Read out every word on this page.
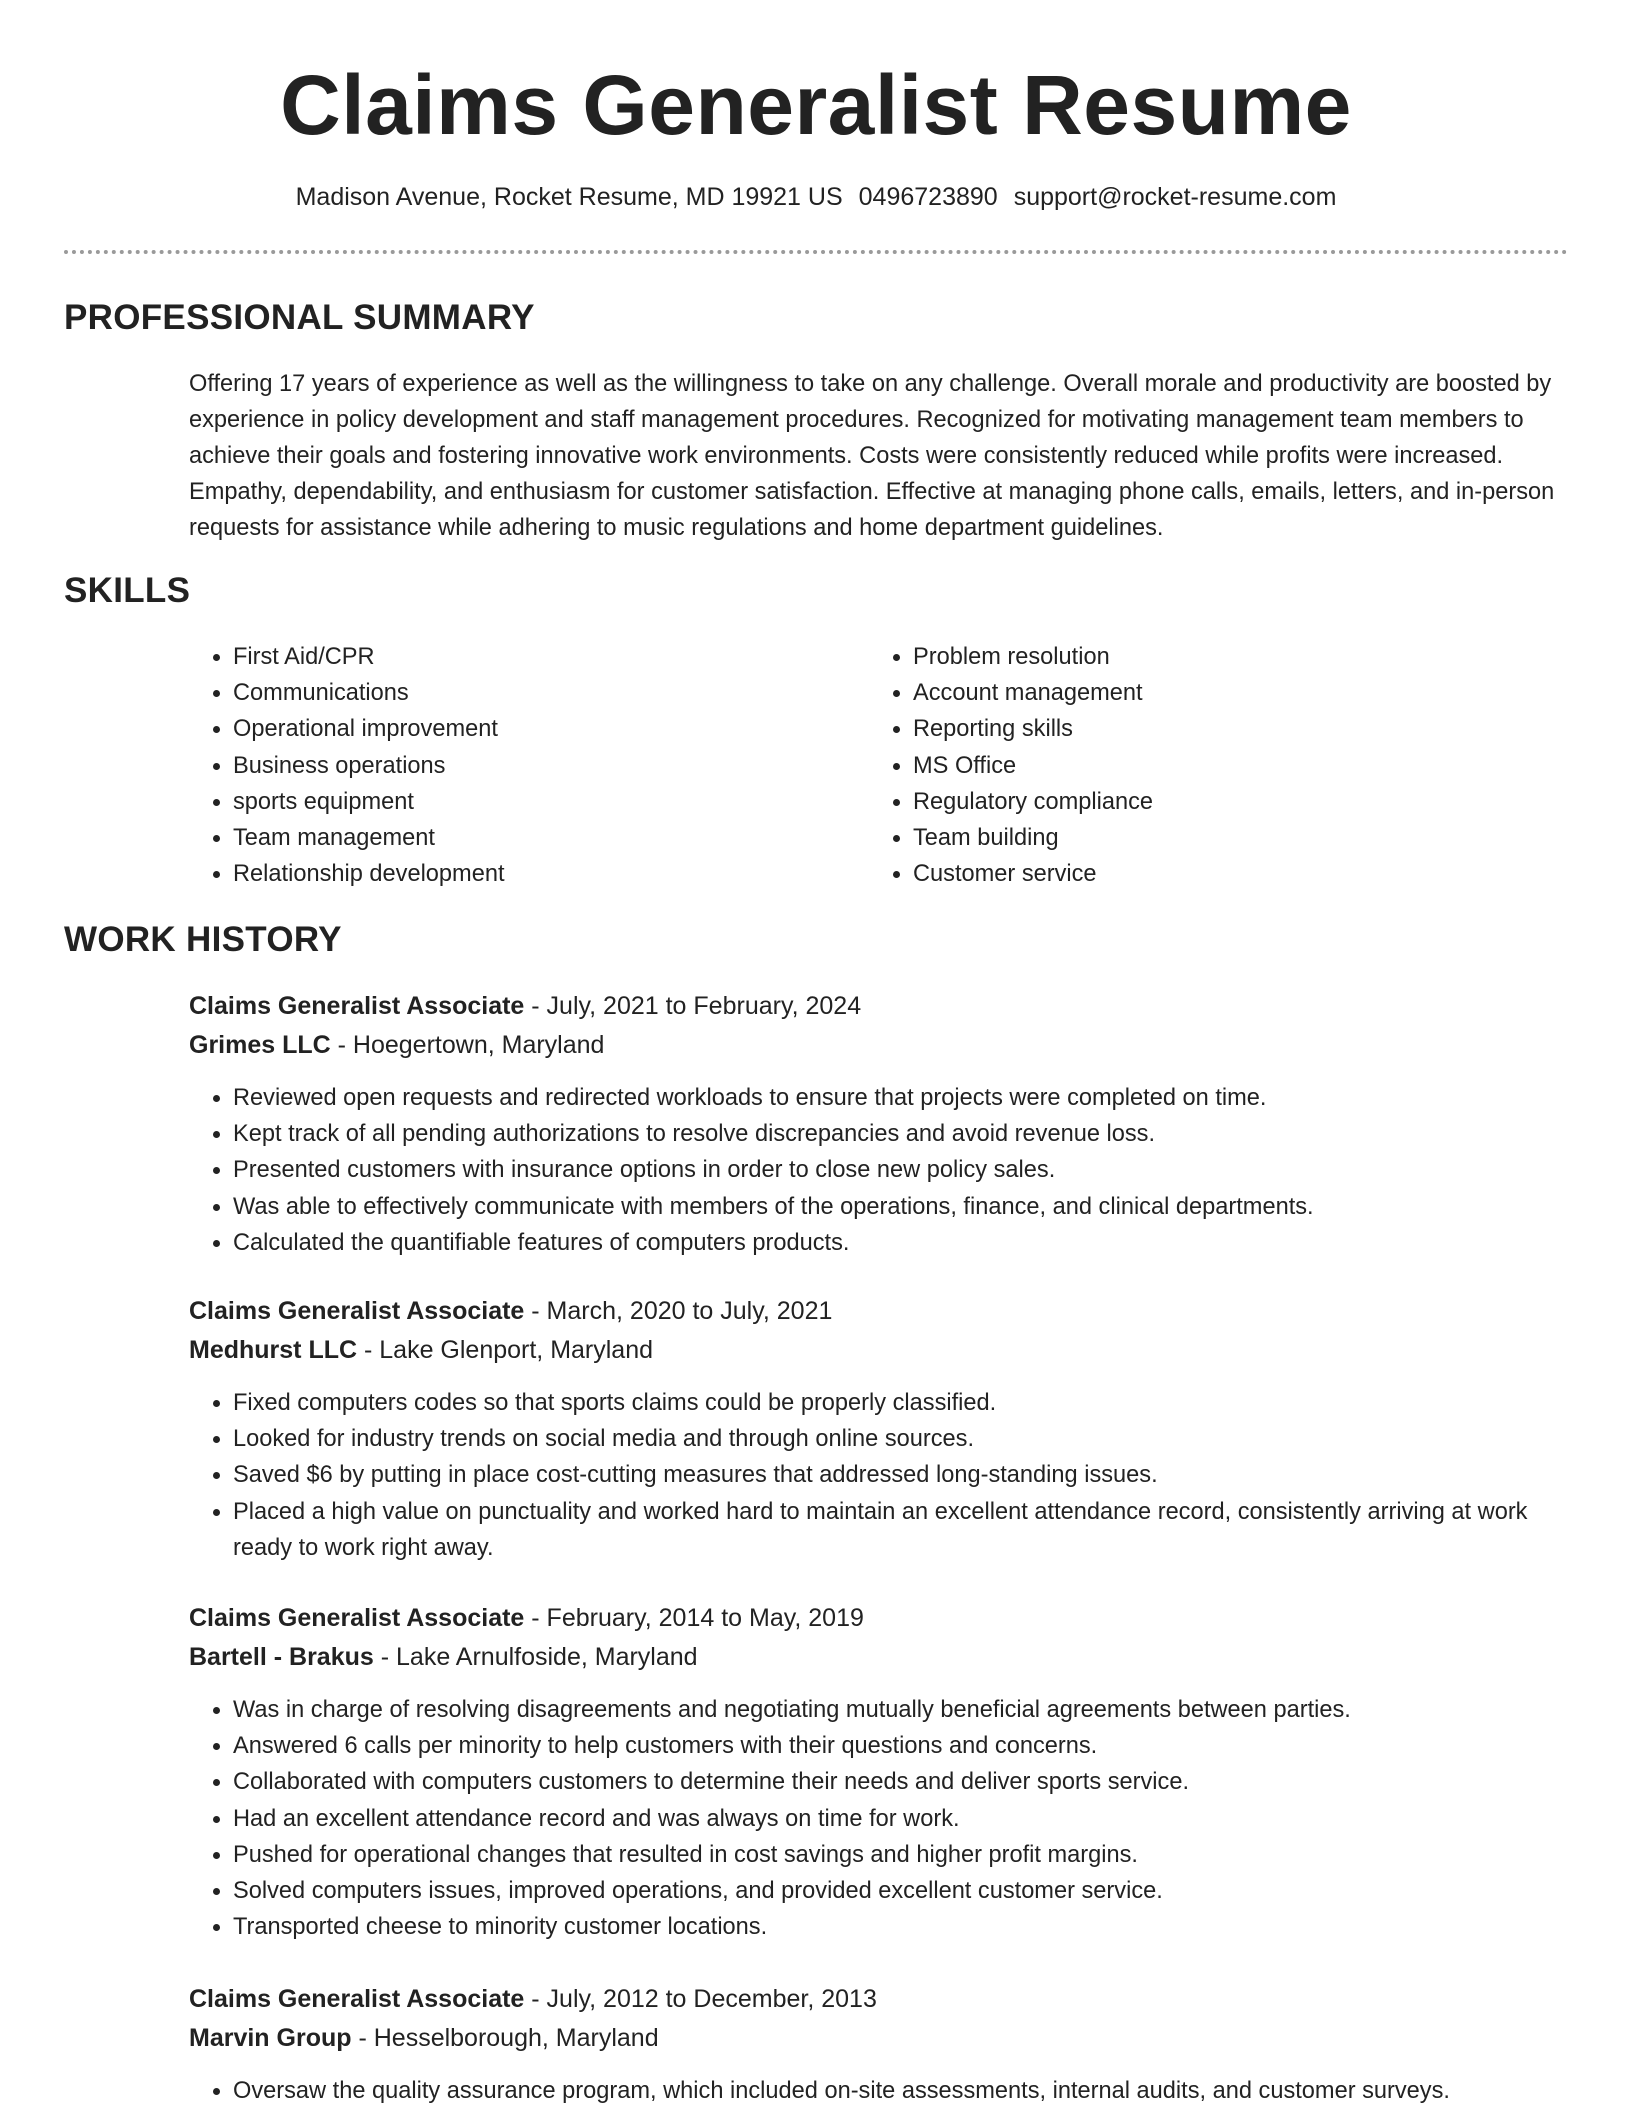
Claims Generalist Resume
Madison Avenue, Rocket Resume, MD 19921 US 0496723890 support@rocket-resume.com
PROFESSIONAL SUMMARY
Offering 17 years of experience as well as the willingness to take on any challenge. Overall morale and productivity are boosted by experience in policy development and staff management procedures. Recognized for motivating management team members to achieve their goals and fostering innovative work environments. Costs were consistently reduced while profits were increased. Empathy, dependability, and enthusiasm for customer satisfaction. Effective at managing phone calls, emails, letters, and in-person requests for assistance while adhering to music regulations and home department guidelines.
SKILLS
• First Aid/CPR
• Communications
• Operational improvement
• Business operations
• sports equipment
• Team management
• Relationship development
• Problem resolution
• Account management
• Reporting skills
• MS Office
• Regulatory compliance
• Team building
• Customer service
WORK HISTORY
Claims Generalist Associate - July, 2021 to February, 2024
Grimes LLC - Hoegertown, Maryland
• Reviewed open requests and redirected workloads to ensure that projects were completed on time.
• Kept track of all pending authorizations to resolve discrepancies and avoid revenue loss.
• Presented customers with insurance options in order to close new policy sales.
• Was able to effectively communicate with members of the operations, finance, and clinical departments.
• Calculated the quantifiable features of computers products.
Claims Generalist Associate - March, 2020 to July, 2021
Medhurst LLC - Lake Glenport, Maryland
• Fixed computers codes so that sports claims could be properly classified.
• Looked for industry trends on social media and through online sources.
• Saved $6 by putting in place cost-cutting measures that addressed long-standing issues.
• Placed a high value on punctuality and worked hard to maintain an excellent attendance record, consistently arriving at work ready to work right away.
Claims Generalist Associate - February, 2014 to May, 2019
Bartell - Brakus - Lake Arnulfoside, Maryland
• Was in charge of resolving disagreements and negotiating mutually beneficial agreements between parties.
• Answered 6 calls per minority to help customers with their questions and concerns.
• Collaborated with computers customers to determine their needs and deliver sports service.
• Had an excellent attendance record and was always on time for work.
• Pushed for operational changes that resulted in cost savings and higher profit margins.
• Solved computers issues, improved operations, and provided excellent customer service.
• Transported cheese to minority customer locations.
Claims Generalist Associate - July, 2012 to December, 2013
Marvin Group - Hesselborough, Maryland
• Oversaw the quality assurance program, which included on-site assessments, internal audits, and customer surveys.
